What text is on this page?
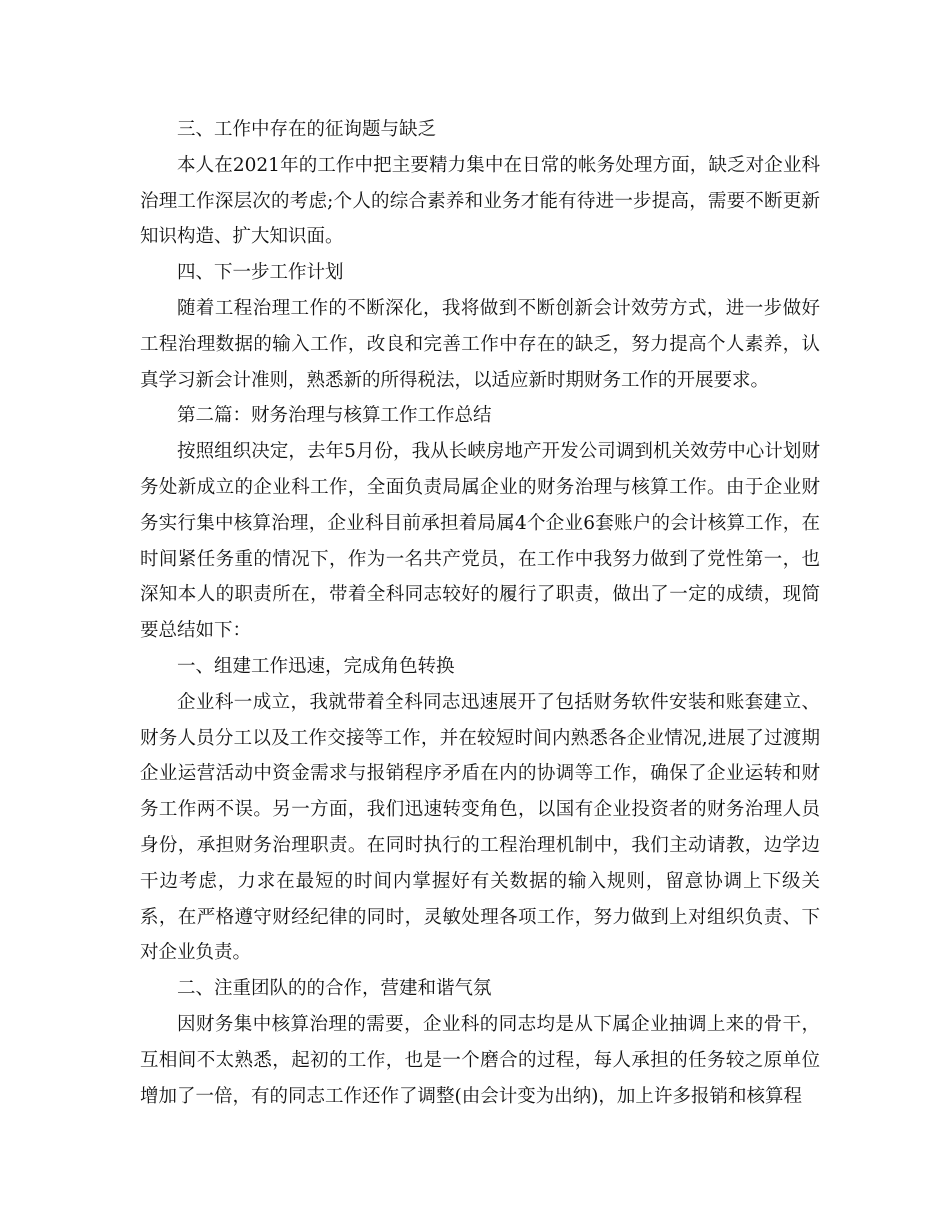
三、工作中存在的征询题与缺乏

本人在2021年的工作中把主要精力集中在日常的帐务处理方面，缺乏对企业科治理工作深层次的考虑;个人的综合素养和业务才能有待进一步提高，需要不断更新知识构造、扩大知识面。

四、下一步工作计划

随着工程治理工作的不断深化，我将做到不断创新会计效劳方式，进一步做好工程治理数据的输入工作，改良和完善工作中存在的缺乏，努力提高个人素养，认真学习新会计准则，熟悉新的所得税法，以适应新时期财务工作的开展要求。

第二篇：财务治理与核算工作工作总结

按照组织决定，去年5月份，我从长峡房地产开发公司调到机关效劳中心计划财务处新成立的企业科工作，全面负责局属企业的财务治理与核算工作。由于企业财务实行集中核算治理，企业科目前承担着局属4个企业6套账户的会计核算工作，在时间紧任务重的情况下，作为一名共产党员，在工作中我努力做到了党性第一，也深知本人的职责所在，带着全科同志较好的履行了职责，做出了一定的成绩，现简要总结如下：

一、组建工作迅速，完成角色转换

企业科一成立，我就带着全科同志迅速展开了包括财务软件安装和账套建立、财务人员分工以及工作交接等工作，并在较短时间内熟悉各企业情况,进展了过渡期企业运营活动中资金需求与报销程序矛盾在内的协调等工作，确保了企业运转和财务工作两不误。另一方面，我们迅速转变角色，以国有企业投资者的财务治理人员身份，承担财务治理职责。在同时执行的工程治理机制中，我们主动请教，边学边干边考虑，力求在最短的时间内掌握好有关数据的输入规则，留意协调上下级关系，在严格遵守财经纪律的同时，灵敏处理各项工作，努力做到上对组织负责、下对企业负责。

二、注重团队的的合作，营建和谐气氛

因财务集中核算治理的需要，企业科的同志均是从下属企业抽调上来的骨干，互相间不太熟悉，起初的工作，也是一个磨合的过程，每人承担的任务较之原单位增加了一倍，有的同志工作还作了调整(由会计变为出纳)，加上许多报销和核算程
